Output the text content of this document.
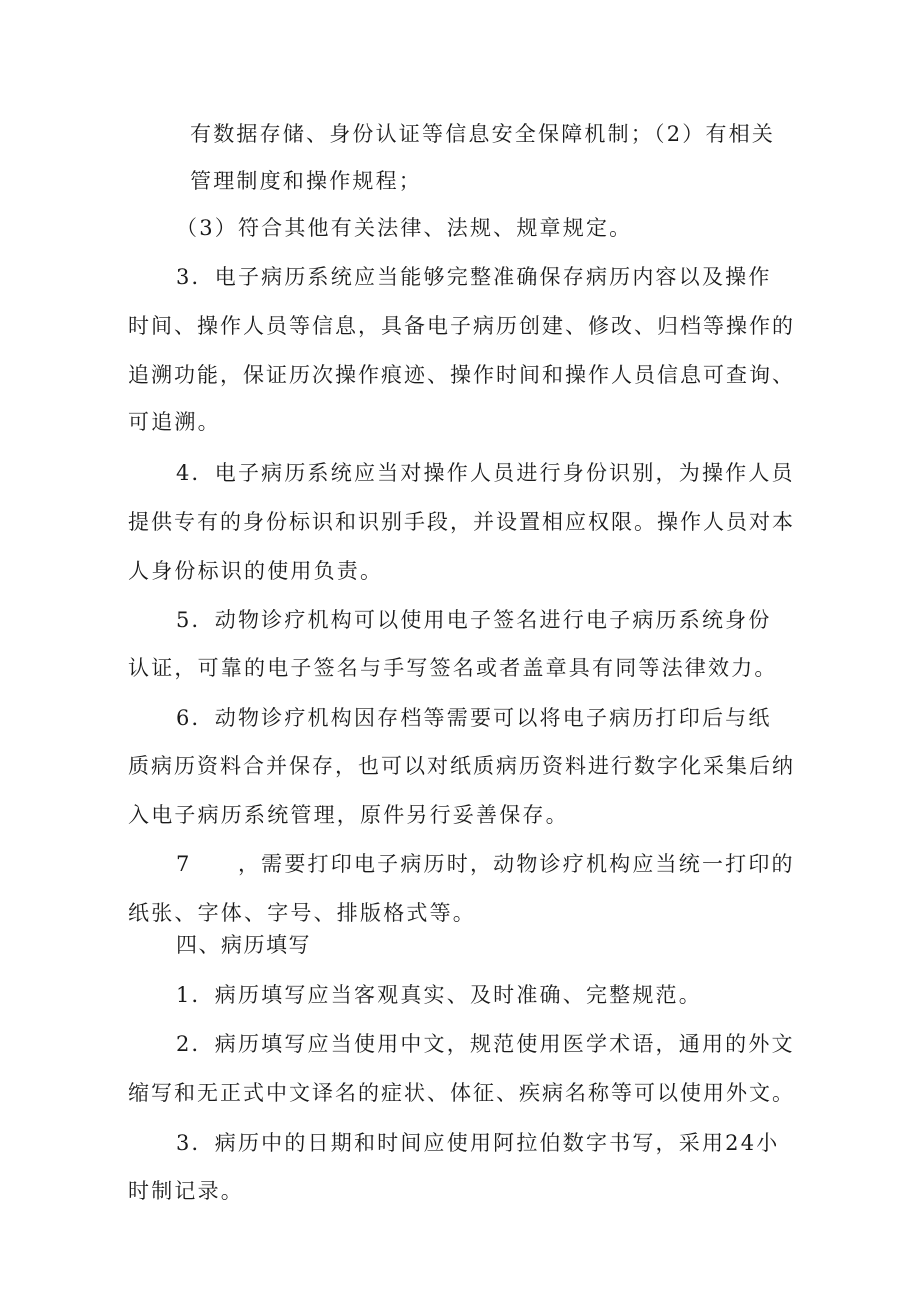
有数据存储、身份认证等信息安全保障机制；（2）有相关
管理制度和操作规程；
（3）符合其他有关法律、法规、规章规定。
3．电子病历系统应当能够完整准确保存病历内容以及操作
时间、操作人员等信息，具备电子病历创建、修改、归档等操作的
追溯功能，保证历次操作痕迹、操作时间和操作人员信息可查询、
可追溯。
4．电子病历系统应当对操作人员进行身份识别，为操作人员
提供专有的身份标识和识别手段，并设置相应权限。操作人员对本
人身份标识的使用负责。
5．动物诊疗机构可以使用电子签名进行电子病历系统身份
认证，可靠的电子签名与手写签名或者盖章具有同等法律效力。
6．动物诊疗机构因存档等需要可以将电子病历打印后与纸
质病历资料合并保存，也可以对纸质病历资料进行数字化采集后纳
入电子病历系统管理，原件另行妥善保存。
7　　，需要打印电子病历时，动物诊疗机构应当统一打印的
纸张、字体、字号、排版格式等。
四、病历填写
1．病历填写应当客观真实、及时准确、完整规范。
2．病历填写应当使用中文，规范使用医学术语，通用的外文
缩写和无正式中文译名的症状、体征、疾病名称等可以使用外文。
3．病历中的日期和时间应使用阿拉伯数字书写，采用24小
时制记录。
